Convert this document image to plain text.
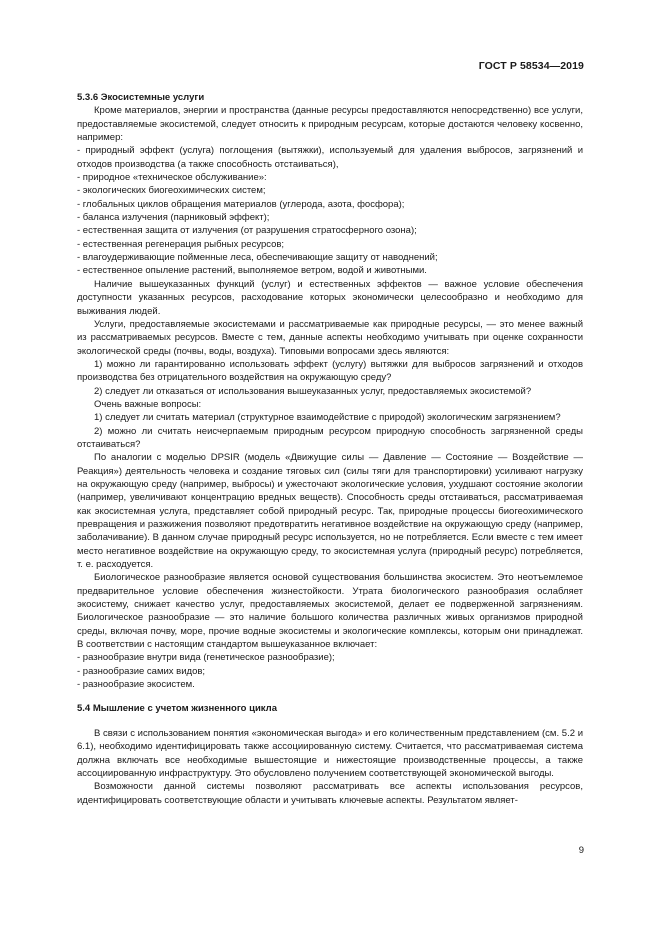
ГОСТ Р 58534—2019
5.3.6 Экосистемные услуги

Кроме материалов, энергии и пространства (данные ресурсы предоставляются непосредственно) все услуги, предоставляемые экосистемой, следует относить к природным ресурсам, которые достаются человеку косвенно, например:

- природный эффект (услуга) поглощения (вытяжки), используемый для удаления выбросов, загрязнений и отходов производства (а также способность отстаиваться),

- природное «техническое обслуживание»:

- экологических биогеохимических систем;

- глобальных циклов обращения материалов (углерода, азота, фосфора);

- баланса излучения (парниковый эффект);

- естественная защита от излучения (от разрушения стратосферного озона);

- естественная регенерация рыбных ресурсов;

- влагоудерживающие пойменные леса, обеспечивающие защиту от наводнений;

- естественное опыление растений, выполняемое ветром, водой и животными.

Наличие вышеуказанных функций (услуг) и естественных эффектов — важное условие обеспечения доступности указанных ресурсов, расходование которых экономически целесообразно и необходимо для выживания людей.

Услуги, предоставляемые экосистемами и рассматриваемые как природные ресурсы, — это менее важный из рассматриваемых ресурсов. Вместе с тем, данные аспекты необходимо учитывать при оценке сохранности экологической среды (почвы, воды, воздуха). Типовыми вопросами здесь являются:

1) можно ли гарантированно использовать эффект (услугу) вытяжки для выбросов загрязнений и отходов производства без отрицательного воздействия на окружающую среду?

2) следует ли отказаться от использования вышеуказанных услуг, предоставляемых экосистемой?

Очень важные вопросы:

1) следует ли считать материал (структурное взаимодействие с природой) экологическим загрязнением?

2) можно ли считать неисчерпаемым природным ресурсом природную способность загрязненной среды отстаиваться?

По аналогии с моделью DPSIR (модель «Движущие силы — Давление — Состояние — Воздействие — Реакция») деятельность человека и создание тяговых сил (силы тяги для транспортировки) усиливают нагрузку на окружающую среду (например, выбросы) и ужесточают экологические условия, ухудшают состояние экологии (например, увеличивают концентрацию вредных веществ). Способность среды отстаиваться, рассматриваемая как экосистемная услуга, представляет собой природный ресурс. Так, природные процессы биогеохимического превращения и разжижения позволяют предотвратить негативное воздействие на окружающую среду (например, заболачивание). В данном случае природный ресурс используется, но не потребляется. Если вместе с тем имеет место негативное воздействие на окружающую среду, то экосистемная услуга (природный ресурс) потребляется, т. е. расходуется.

Биологическое разнообразие является основой существования большинства экосистем. Это неотъемлемое предварительное условие обеспечения жизнестойкости. Утрата биологического разнообразия ослабляет экосистему, снижает качество услуг, предоставляемых экосистемой, делает ее подверженной загрязнениям. Биологическое разнообразие — это наличие большого количества различных живых организмов природной среды, включая почву, море, прочие водные экосистемы и экологические комплексы, которым они принадлежат. В соответствии с настоящим стандартом вышеуказанное включает:

- разнообразие внутри вида (генетическое разнообразие);

- разнообразие самих видов;

- разнообразие экосистем.

5.4 Мышление с учетом жизненного цикла

В связи с использованием понятия «экономическая выгода» и его количественным представлением (см. 5.2 и 6.1), необходимо идентифицировать также ассоциированную систему. Считается, что рассматриваемая система должна включать все необходимые вышестоящие и нижестоящие производственные процессы, а также ассоциированную инфраструктуру. Это обусловлено получением соответствующей экономической выгоды.

Возможности данной системы позволяют рассматривать все аспекты использования ресурсов, идентифицировать соответствующие области и учитывать ключевые аспекты. Результатом являет-

9
